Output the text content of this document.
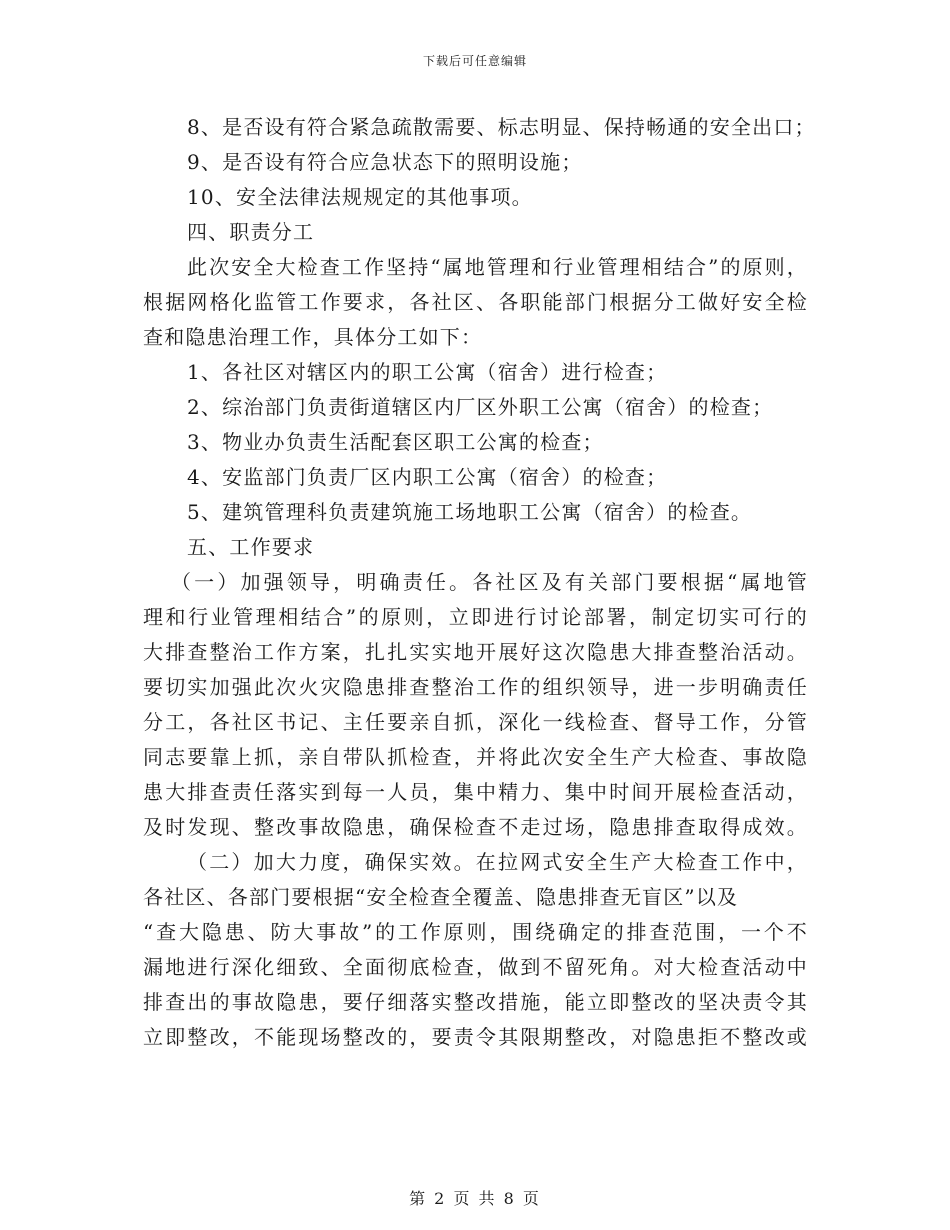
下载后可任意编辑
8、是否设有符合紧急疏散需要、标志明显、保持畅通的安全出口；
9、是否设有符合应急状态下的照明设施；
10、安全法律法规规定的其他事项。
四、职责分工
此次安全大检查工作坚持“属地管理和行业管理相结合”的原则，
根据网格化监管工作要求，各社区、各职能部门根据分工做好安全检
查和隐患治理工作，具体分工如下：
1、各社区对辖区内的职工公寓（宿舍）进行检查；
2、综治部门负责街道辖区内厂区外职工公寓（宿舍）的检查；
3、物业办负责生活配套区职工公寓的检查；
4、安监部门负责厂区内职工公寓（宿舍）的检查；
5、建筑管理科负责建筑施工场地职工公寓（宿舍）的检查。
五、工作要求
（一）加强领导，明确责任。各社区及有关部门要根据“属地管
理和行业管理相结合”的原则，立即进行讨论部署，制定切实可行的
大排查整治工作方案，扎扎实实地开展好这次隐患大排查整治活动。
要切实加强此次火灾隐患排查整治工作的组织领导，进一步明确责任
分工，各社区书记、主任要亲自抓，深化一线检查、督导工作，分管
同志要靠上抓，亲自带队抓检查，并将此次安全生产大检查、事故隐
患大排查责任落实到每一人员，集中精力、集中时间开展检查活动，
及时发现、整改事故隐患，确保检查不走过场，隐患排查取得成效。
（二）加大力度，确保实效。在拉网式安全生产大检查工作中，
各社区、各部门要根据“安全检查全覆盖、隐患排查无盲区”以及
“查大隐患、防大事故”的工作原则，围绕确定的排查范围，一个不
漏地进行深化细致、全面彻底检查，做到不留死角。对大检查活动中
排查出的事故隐患，要仔细落实整改措施，能立即整改的坚决责令其
立即整改，不能现场整改的，要责令其限期整改，对隐患拒不整改或
第 2 页 共 8 页
